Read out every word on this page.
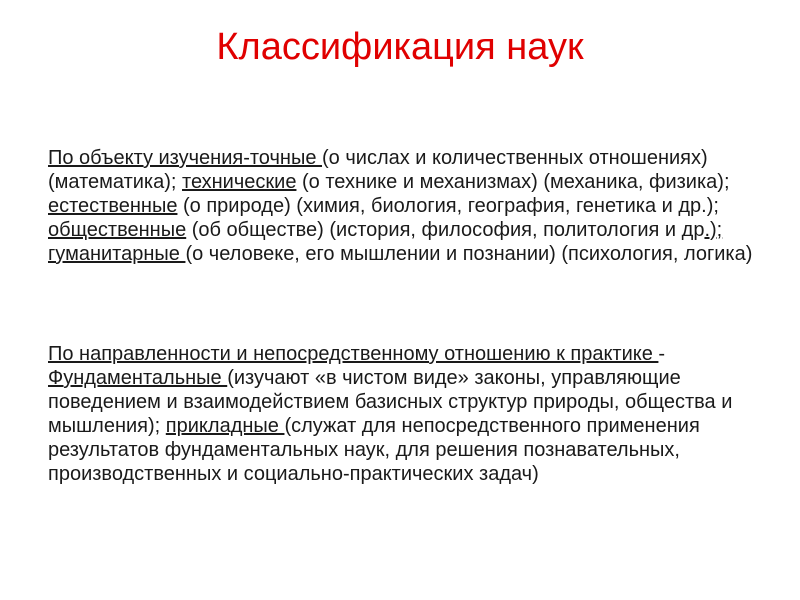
Классификация наук
По объекту изучения-точные (о числах и количественных отношениях) (математика); технические (о технике и механизмах) (механика, физика); естественные (о природе) (химия, биология, география, генетика и др.); общественные (об обществе) (история, философия, политология и др.); гуманитарные (о человеке, его мышлении и познании) (психология, логика)
По направленности и непосредственному отношению к практике - Фундаментальные (изучают «в чистом виде» законы, управляющие поведением и взаимодействием базисных структур природы, общества и мышления); прикладные (служат для непосредственного применения результатов фундаментальных наук, для решения познавательных, производственных и социально-практических задач)
